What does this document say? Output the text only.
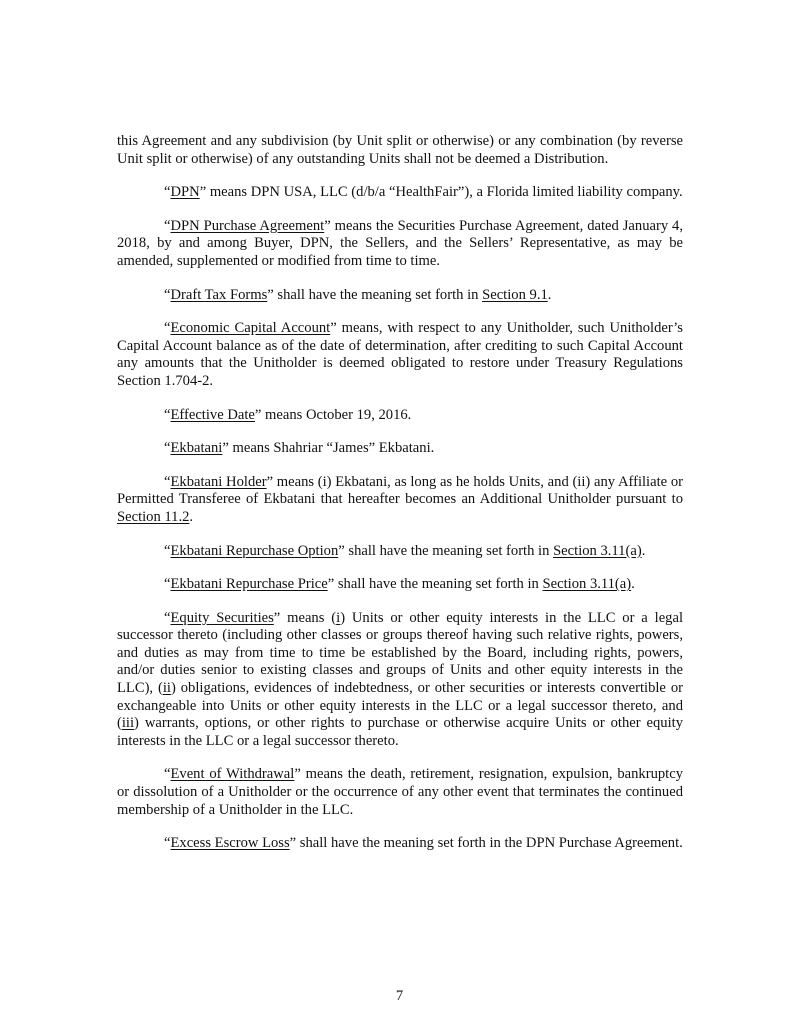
this Agreement and any subdivision (by Unit split or otherwise) or any combination (by reverse Unit split or otherwise) of any outstanding Units shall not be deemed a Distribution.

“DPN” means DPN USA, LLC (d/b/a “HealthFair”), a Florida limited liability company.

“DPN Purchase Agreement” means the Securities Purchase Agreement, dated January 4, 2018, by and among Buyer, DPN, the Sellers, and the Sellers’ Representative, as may be amended, supplemented or modified from time to time.

“Draft Tax Forms” shall have the meaning set forth in Section 9.1.

“Economic Capital Account” means, with respect to any Unitholder, such Unitholder’s Capital Account balance as of the date of determination, after crediting to such Capital Account any amounts that the Unitholder is deemed obligated to restore under Treasury Regulations Section 1.704-2.

“Effective Date” means October 19, 2016.

“Ekbatani” means Shahriar “James” Ekbatani.

“Ekbatani Holder” means (i) Ekbatani, as long as he holds Units, and (ii) any Affiliate or Permitted Transferee of Ekbatani that hereafter becomes an Additional Unitholder pursuant to Section 11.2.

“Ekbatani Repurchase Option” shall have the meaning set forth in Section 3.11(a).

“Ekbatani Repurchase Price” shall have the meaning set forth in Section 3.11(a).

“Equity Securities” means (i) Units or other equity interests in the LLC or a legal successor thereto (including other classes or groups thereof having such relative rights, powers, and duties as may from time to time be established by the Board, including rights, powers, and/or duties senior to existing classes and groups of Units and other equity interests in the LLC), (ii) obligations, evidences of indebtedness, or other securities or interests convertible or exchangeable into Units or other equity interests in the LLC or a legal successor thereto, and (iii) warrants, options, or other rights to purchase or otherwise acquire Units or other equity interests in the LLC or a legal successor thereto.

“Event of Withdrawal” means the death, retirement, resignation, expulsion, bankruptcy or dissolution of a Unitholder or the occurrence of any other event that terminates the continued membership of a Unitholder in the LLC.

“Excess Escrow Loss” shall have the meaning set forth in the DPN Purchase Agreement.

7
